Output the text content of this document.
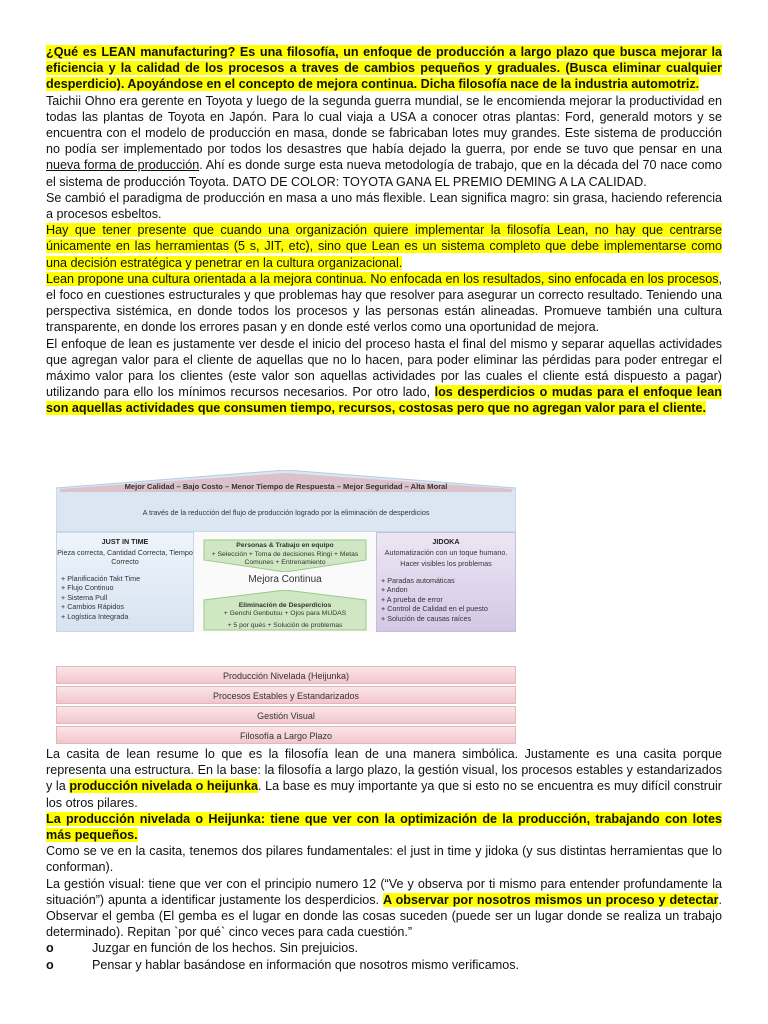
¿Qué es LEAN manufacturing? Es una filosofía, un enfoque de producción a largo plazo que busca mejorar la eficiencia y la calidad de los procesos a traves de cambios pequeños y graduales. (Busca eliminar cualquier desperdicio). Apoyándose en el concepto de mejora continua. Dicha filosofía nace de la industria automotriz.

Taichii Ohno era gerente en Toyota y luego de la segunda guerra mundial, se le encomienda mejorar la productividad en todas las plantas de Toyota en Japón. Para lo cual viaja a USA a conocer otras plantas: Ford, generald motors y se encuentra con el modelo de producción en masa, donde se fabricaban lotes muy grandes. Este sistema de producción no podía ser implementado por todos los desastres que había dejado la guerra, por ende se tuvo que pensar en una nueva forma de producción. Ahí es donde surge esta nueva metodología de trabajo, que en la década del 70 nace como el sistema de producción Toyota. DATO DE COLOR: TOYOTA GANA EL PREMIO DEMING A LA CALIDAD.

Se cambió el paradigma de producción en masa a uno más flexible. Lean significa magro: sin grasa, haciendo referencia a procesos esbeltos.

Hay que tener presente que cuando una organización quiere implementar la filosofía Lean, no hay que centrarse únicamente en las herramientas (5 s, JIT, etc), sino que Lean es un sistema completo que debe implementarse como una decisión estratégica y penetrar en la cultura organizacional.

Lean propone una cultura orientada a la mejora continua. No enfocada en los resultados, sino enfocada en los procesos, el foco en cuestiones estructurales y que problemas hay que resolver para asegurar un correcto resultado. Teniendo una perspectiva sistémica, en donde todos los procesos y las personas están alineadas. Promueve también una cultura transparente, en donde los errores pasan y en donde esté verlos como una oportunidad de mejora.

El enfoque de lean es justamente ver desde el inicio del proceso hasta el final del mismo y separar aquellas actividades que agregan valor para el cliente de aquellas que no lo hacen, para poder eliminar las pérdidas para poder entregar el máximo valor para los clientes (este valor son aquellas actividades por las cuales el cliente está dispuesto a pagar) utilizando para ello los mínimos recursos necesarios. Por otro lado, los desperdicios o mudas para el enfoque lean son aquellas actividades que consumen tiempo, recursos, costosas pero que no agregan valor para el cliente.

Mejor Calidad – Bajo Costo – Menor Tiempo de Respuesta – Mejor Seguridad – Alta Moral
A través de la reducción del flujo de producción logrado por la eliminación de desperdicios
JUST IN TIME
Pieza correcta, Cantidad Correcta, Tiempo Correcto
+ Planificación Takt Time
+ Flujo Continuo
+ Sistema Pull
+ Cambios Rápidos
+ Logística Integrada
Personas & Trabajo en equipo
+ Selección + Toma de decisiones Ringi + Metas Comunes + Entrenamiento
Mejora Continua
Eliminación de Desperdicios
+ Genchi Genbutsu + Ojos para MUDAS
+ 5 por qués + Solución de problemas
JIDOKA
Automatización con un toque humano.
Hacer visibles los problemas
+ Paradas automáticas
+ Andon
+ A prueba de error
+ Control de Calidad en el puesto
+ Solución de causas raíces
Producción Nivelada (Heijunka)
Procesos Estables y Estandarizados
Gestión Visual
Filosofía a Largo Plazo

La casita de lean resume lo que es la filosofía lean de una manera simbólica. Justamente es una casita porque representa una estructura. En la base: la filosofía a largo plazo, la gestión visual, los procesos estables y estandarizados y la producción nivelada o heijunka. La base es muy importante ya que si esto no se encuentra es muy difícil construir los otros pilares.

La producción nivelada o Heijunka: tiene que ver con la optimización de la producción, trabajando con lotes más pequeños.

Como se ve en la casita, tenemos dos pilares fundamentales: el just in time y jidoka (y sus distintas herramientas que lo conforman).

La gestión visual: tiene que ver con el principio numero 12 (“Ve y observa por ti mismo para entender profundamente la situación”) apunta a identificar justamente los desperdicios. A observar por nosotros mismos un proceso y detectar. Observar el gemba (El gemba es el lugar en donde las cosas suceden (puede ser un lugar donde se realiza un trabajo determinado). Repitan `por qué` cinco veces para cada cuestión.”

o	Juzgar en función de los hechos. Sin prejuicios.

o	Pensar y hablar basándose en información que nosotros mismo verificamos.
